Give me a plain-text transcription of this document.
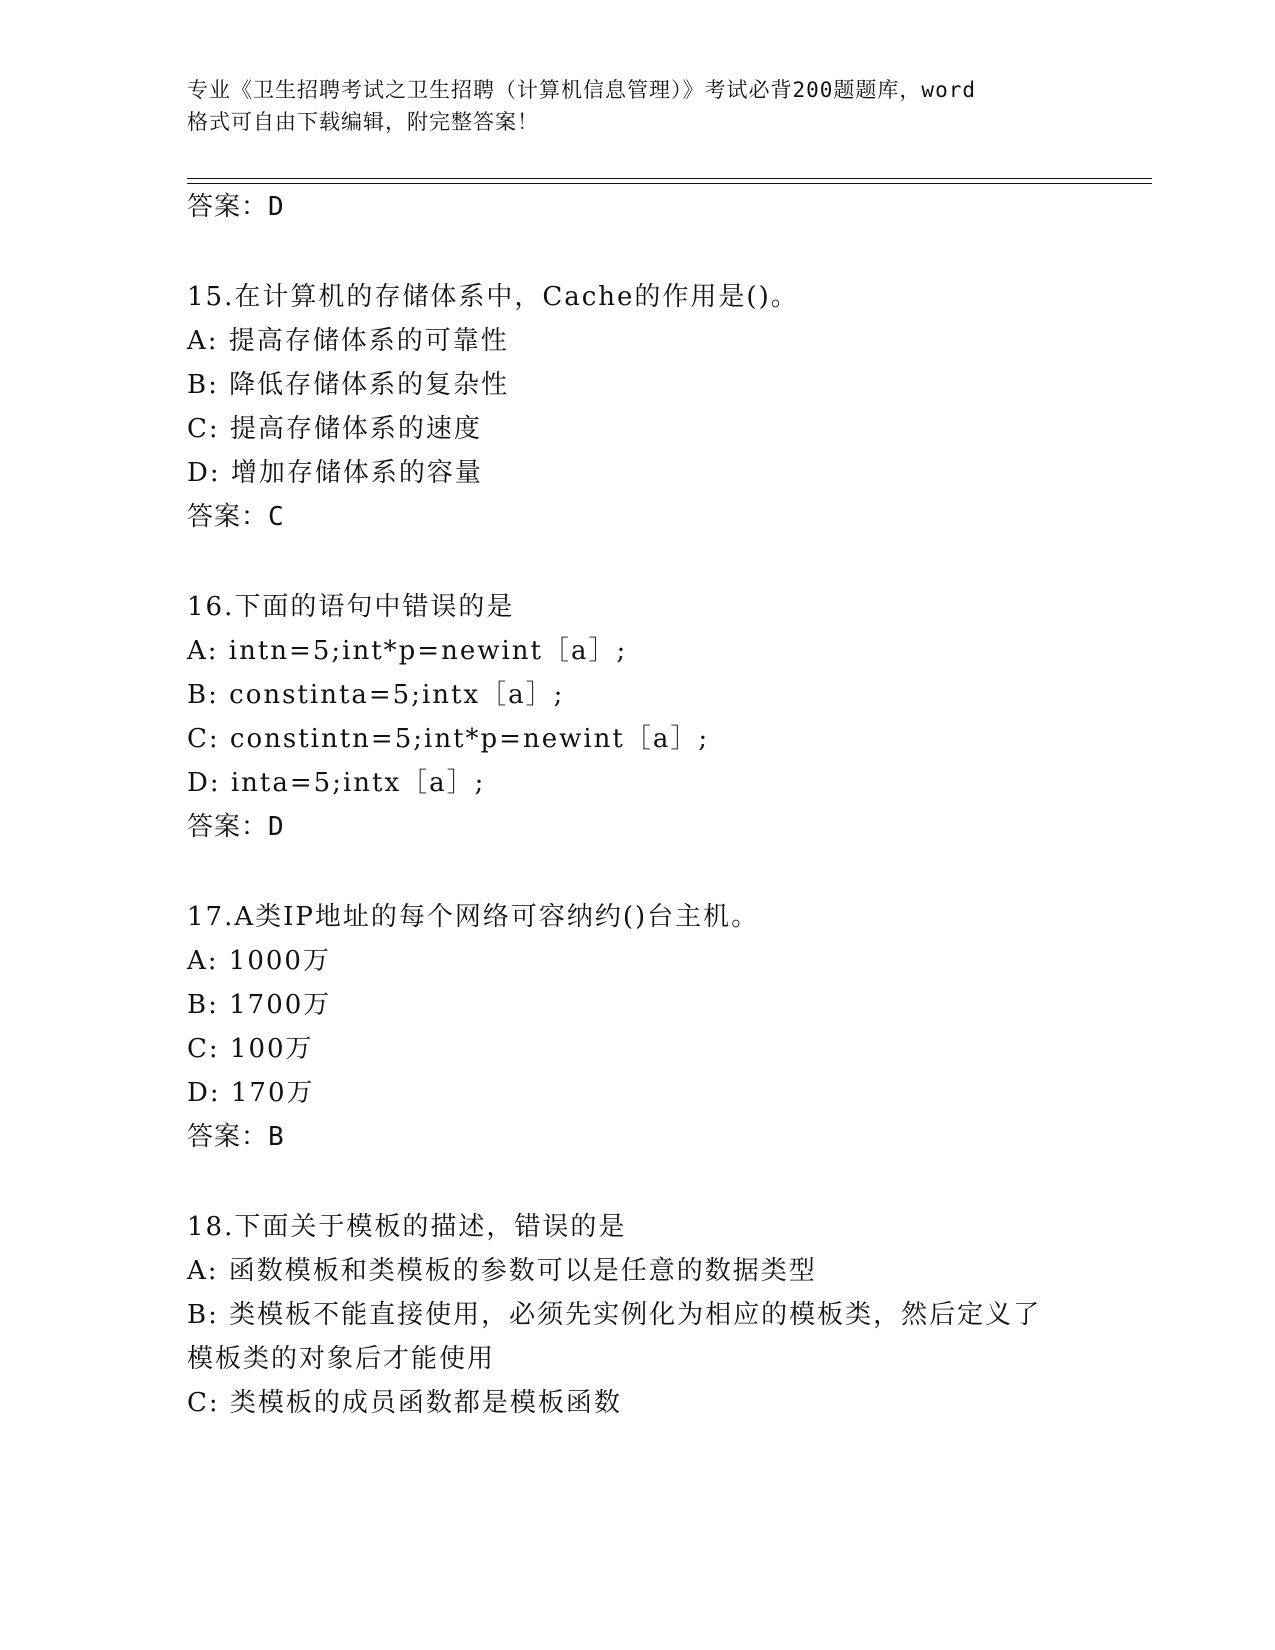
专业《卫生招聘考试之卫生招聘（计算机信息管理）》考试必背200题题库，word
格式可自由下载编辑，附完整答案！
答案：D
15.在计算机的存储体系中，Cache的作用是()。
A: 提高存储体系的可靠性
B: 降低存储体系的复杂性
C: 提高存储体系的速度
D: 增加存储体系的容量
答案：C
16.下面的语句中错误的是
A: intn=5;int*p=newint［a］;
B: constinta=5;intx［a］;
C: constintn=5;int*p=newint［a］;
D: inta=5;intx［a］;
答案：D
17.A类IP地址的每个网络可容纳约()台主机。
A: 1000万
B: 1700万
C: 100万
D: 170万
答案：B
18.下面关于模板的描述，错误的是
A: 函数模板和类模板的参数可以是任意的数据类型
B: 类模板不能直接使用，必须先实例化为相应的模板类，然后定义了
模板类的对象后才能使用
C: 类模板的成员函数都是模板函数
